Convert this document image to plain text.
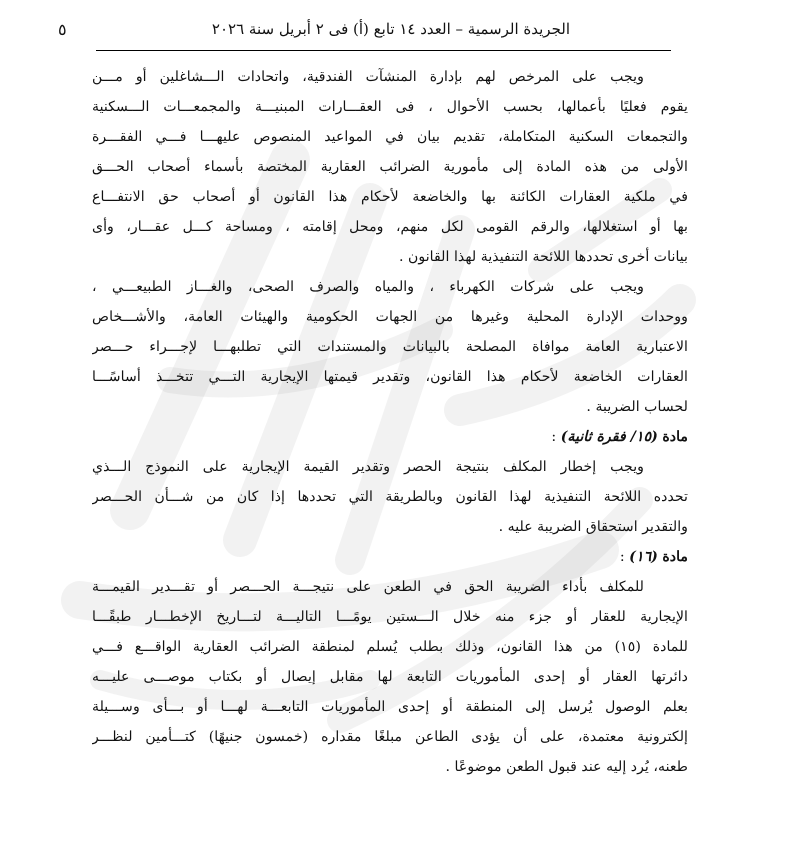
الجريدة الرسمية – العدد ١٤ تابع (أ) فى ٢ أبريل سنة ٢٠٢٦
٥
ويجب على المرخص لهم بإدارة المنشآت الفندقية، واتحادات الـــشاغلين أو مـــن
يقوم فعليًا بأعمالها، بحسب الأحوال ، فى العقـــارات المبنيـــة والمجمعـــات الـــسكنية
والتجمعات السكنية المتكاملة، تقديم بيان في المواعيد المنصوص عليهـــا فـــي الفقـــرة
الأولى من هذه المادة إلى مأمورية الضرائب العقارية المختصة بأسماء أصحاب الحـــق
في ملكية العقارات الكائنة بها والخاضعة لأحكام هذا القانون أو أصحاب حق الانتفـــاع
بها أو استغلالها، والرقم القومى لكل منهم، ومحل إقامته ، ومساحة كـــل عقـــار، وأى
بيانات أخرى تحددها اللائحة التنفيذية لهذا القانون .
ويجب على شركات الكهرباء ، والمياه والصرف الصحى، والغـــاز الطبيعـــي ،
ووحدات الإدارة المحلية وغيرها من الجهات الحكومية والهيئات العامة، والأشـــخاص
الاعتبارية العامة موافاة المصلحة بالبيانات والمستندات التي تطلبهـــا لإجـــراء حـــصر
العقارات الخاضعة لأحكام هذا القانون، وتقدير قيمتها الإيجارية التـــي تتخـــذ أساسًـــا
لحساب الضريبة .
مادة (١٥/ فقرة ثانية) :
ويجب إخطار المكلف بنتيجة الحصر وتقدير القيمة الإيجارية على النموذج الـــذي
تحدده اللائحة التنفيذية لهذا القانون وبالطريقة التي تحددها إذا كان من شـــأن الحـــصر
والتقدير استحقاق الضريبة عليه .
مادة (١٦) :
للمكلف بأداء الضريبة الحق في الطعن على نتيجـــة الحـــصر أو تقـــدير القيمـــة
الإيجارية للعقار أو جزء منه خلال الـــستين يومًـــا التاليـــة لتـــاريخ الإخطـــار طبقًـــا
للمادة (١٥) من هذا القانون، وذلك بطلب يُسلم لمنطقة الضرائب العقارية الواقـــع فـــي
دائرتها العقار أو إحدى المأموريات التابعة لها مقابل إيصال أو بكتاب موصـــى عليـــه
بعلم الوصول يُرسل إلى المنطقة أو إحدى المأموريات التابعـــة لهـــا أو بـــأى وســـيلة
إلكترونية معتمدة، على أن يؤدى الطاعن مبلغًا مقداره (خمسون جنيهًا) كتـــأمين لنظـــر
طعنه، يُرد إليه عند قبول الطعن موضوعًا .
